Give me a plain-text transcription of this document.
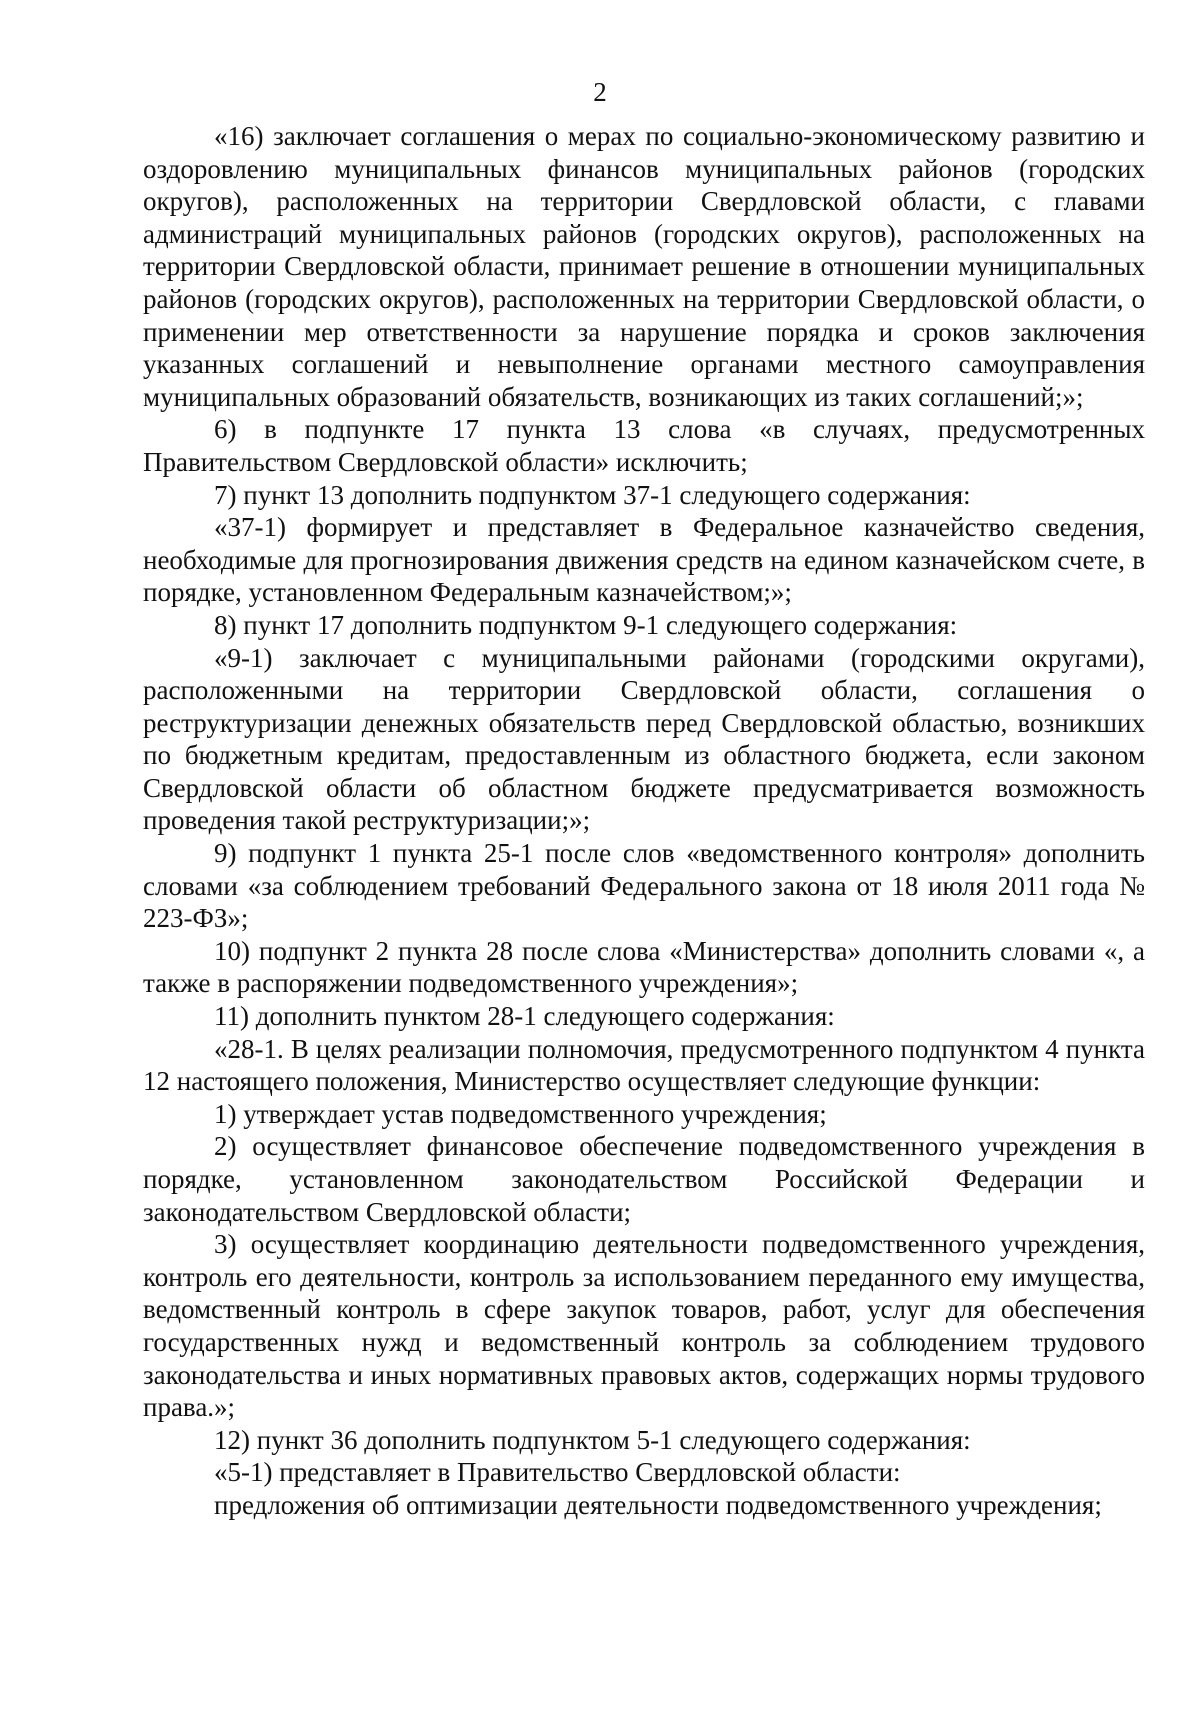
2

«16) заключает соглашения о мерах по социально-экономическому развитию и оздоровлению муниципальных финансов муниципальных районов (городских округов), расположенных на территории Свердловской области, с главами администраций муниципальных районов (городских округов), расположенных на территории Свердловской области, принимает решение в отношении муниципальных районов (городских округов), расположенных на территории Свердловской области, о применении мер ответственности за нарушение порядка и сроков заключения указанных соглашений и невыполнение органами местного самоуправления муниципальных образований обязательств, возникающих из таких соглашений;»;

6) в подпункте 17 пункта 13 слова «в случаях, предусмотренных Правительством Свердловской области» исключить;

7) пункт 13 дополнить подпунктом 37-1 следующего содержания:

«37-1) формирует и представляет в Федеральное казначейство сведения, необходимые для прогнозирования движения средств на едином казначейском счете, в порядке, установленном Федеральным казначейством;»;

8) пункт 17 дополнить подпунктом 9-1 следующего содержания:

«9-1) заключает с муниципальными районами (городскими округами), расположенными на территории Свердловской области, соглашения о реструктуризации денежных обязательств перед Свердловской областью, возникших по бюджетным кредитам, предоставленным из областного бюджета, если законом Свердловской области об областном бюджете предусматривается возможность проведения такой реструктуризации;»;

9) подпункт 1 пункта 25-1 после слов «ведомственного контроля» дополнить словами «за соблюдением требований Федерального закона от 18 июля 2011 года № 223-ФЗ»;

10) подпункт 2 пункта 28 после слова «Министерства» дополнить словами «, а также в распоряжении подведомственного учреждения»;

11) дополнить пунктом 28-1 следующего содержания:

«28-1. В целях реализации полномочия, предусмотренного подпунктом 4 пункта 12 настоящего положения, Министерство осуществляет следующие функции:

1) утверждает устав подведомственного учреждения;

2) осуществляет финансовое обеспечение подведомственного учреждения в порядке, установленном законодательством Российской Федерации и законодательством Свердловской области;

3) осуществляет координацию деятельности подведомственного учреждения, контроль его деятельности, контроль за использованием переданного ему имущества, ведомственный контроль в сфере закупок товаров, работ, услуг для обеспечения государственных нужд и ведомственный контроль за соблюдением трудового законодательства и иных нормативных правовых актов, содержащих нормы трудового права.»;

12) пункт 36 дополнить подпунктом 5-1 следующего содержания:

«5-1) представляет в Правительство Свердловской области:

предложения об оптимизации деятельности подведомственного учреждения;
